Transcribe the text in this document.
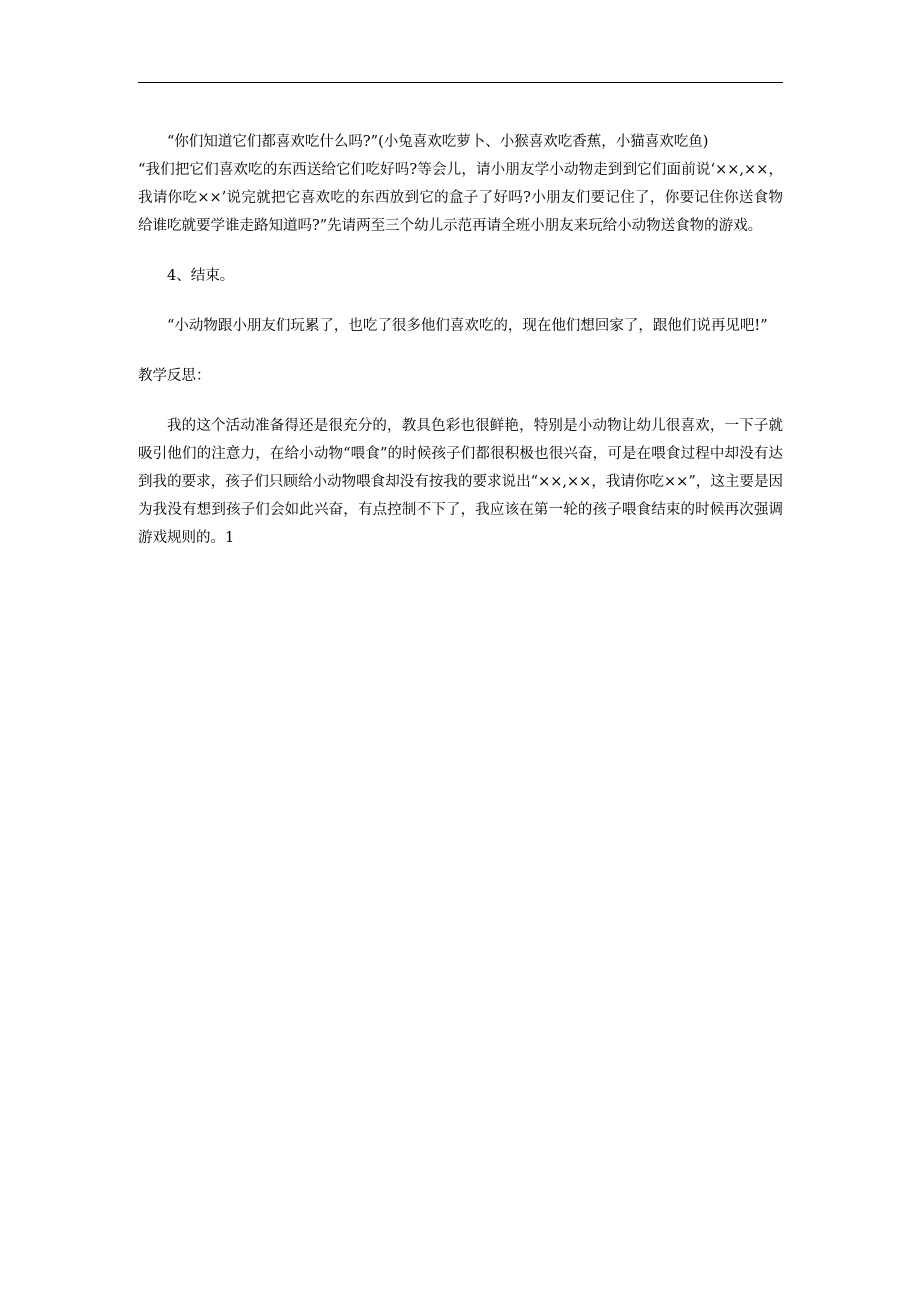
“你们知道它们都喜欢吃什么吗?”(小兔喜欢吃萝卜、小猴喜欢吃香蕉，小猫喜欢吃鱼)
“我们把它们喜欢吃的东西送给它们吃好吗?等会儿，请小朋友学小动物走到到它们面前说‘××,××，我请你吃××’说完就把它喜欢吃的东西放到它的盒子了好吗?小朋友们要记住了，你要记住你送食物给谁吃就要学谁走路知道吗?”先请两至三个幼儿示范再请全班小朋友来玩给小动物送食物的游戏。

4、结束。

“小动物跟小朋友们玩累了，也吃了很多他们喜欢吃的，现在他们想回家了，跟他们说再见吧!”

教学反思：

我的这个活动准备得还是很充分的，教具色彩也很鲜艳，特别是小动物让幼儿很喜欢，一下子就吸引他们的注意力，在给小动物“喂食”的时候孩子们都很积极也很兴奋，可是在喂食过程中却没有达到我的要求，孩子们只顾给小动物喂食却没有按我的要求说出“××,××，我请你吃××”，这主要是因为我没有想到孩子们会如此兴奋，有点控制不下了，我应该在第一轮的孩子喂食结束的时候再次强调游戏规则的。1
